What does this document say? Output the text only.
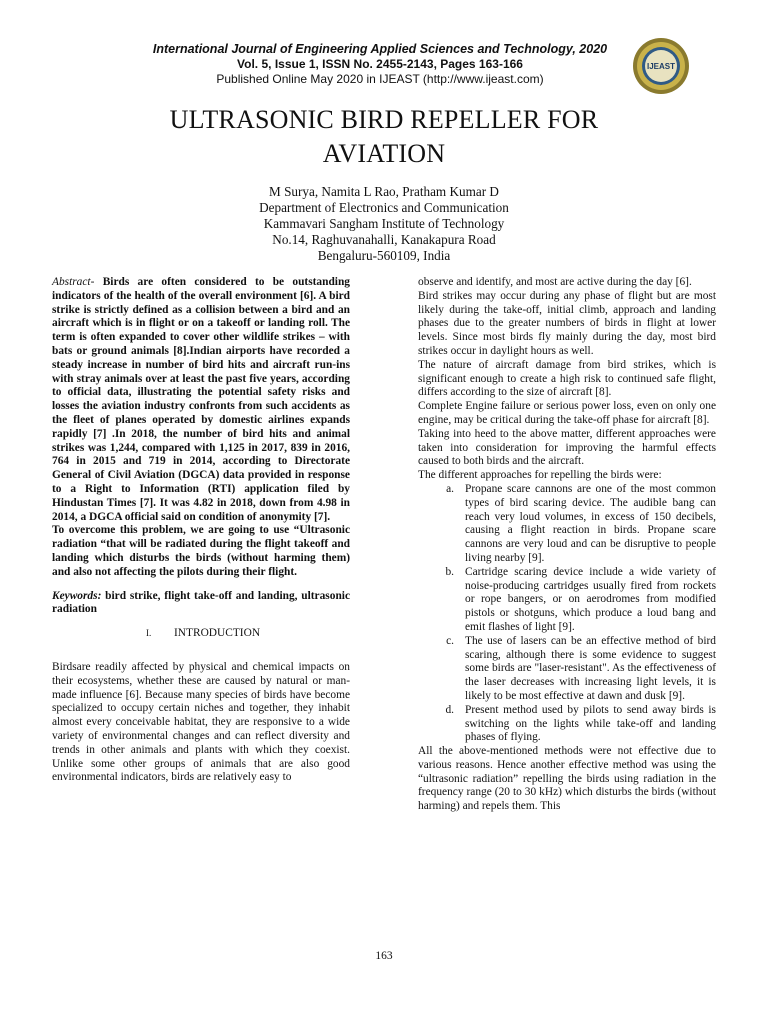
International Journal of Engineering Applied Sciences and Technology, 2020
Vol. 5, Issue 1, ISSN No. 2455-2143, Pages 163-166
Published Online May 2020 in IJEAST (http://www.ijeast.com)
IJEAST
ULTRASONIC BIRD REPELLER FOR
AVIATION
M Surya, Namita L Rao, Pratham Kumar D
Department of Electronics and Communication
Kammavari Sangham Institute of Technology
No.14, Raghuvanahalli, Kanakapura Road
Bengaluru-560109, India

Abstract- Birds are often considered to be outstanding indicators of the health of the overall environment [6]. A bird strike is strictly defined as a collision between a bird and an aircraft which is in flight or on a takeoff or landing roll. The term is often expanded to cover other wildlife strikes – with bats or ground animals [8].Indian airports have recorded a steady increase in number of bird hits and aircraft run-ins with stray animals over at least the past five years, according to official data, illustrating the potential safety risks and losses the aviation industry confronts from such accidents as the fleet of planes operated by domestic airlines expands rapidly [7] .In 2018, the number of bird hits and animal strikes was 1,244, compared with 1,125 in 2017, 839 in 2016, 764 in 2015 and 719 in 2014, according to Directorate General of Civil Aviation (DGCA) data provided in response to a Right to Information (RTI) application filed by Hindustan Times [7]. It was 4.82 in 2018, down from 4.98 in 2014, a DGCA official said on condition of anonymity [7].

To overcome this problem, we are going to use “Ultrasonic radiation “that will be radiated during the flight takeoff and landing which disturbs the birds (without harming them) and also not affecting the pilots during their flight.

Keywords: bird strike, flight take-off and landing, ultrasonic radiation

I. INTRODUCTION

Birdsare readily affected by physical and chemical impacts on their ecosystems, whether these are caused by natural or man-made influence [6]. Because many species of birds have become specialized to occupy certain niches and together, they inhabit almost every conceivable habitat, they are responsive to a wide variety of environmental changes and can reflect diversity and trends in other animals and plants with which they coexist. Unlike some other groups of animals that are also good environmental indicators, birds are relatively easy to

observe and identify, and most are active during the day [6].

Bird strikes may occur during any phase of flight but are most likely during the take-off, initial climb, approach and landing phases due to the greater numbers of birds in flight at lower levels. Since most birds fly mainly during the day, most bird strikes occur in daylight hours as well.

The nature of aircraft damage from bird strikes, which is significant enough to create a high risk to continued safe flight, differs according to the size of aircraft [8].

Complete Engine failure or serious power loss, even on only one engine, may be critical during the take-off phase for aircraft [8].

Taking into heed to the above matter, different approaches were taken into consideration for improving the harmful effects caused to both birds and the aircraft.

The different approaches for repelling the birds were:

a. Propane scare cannons are one of the most common types of bird scaring device. The audible bang can reach very loud volumes, in excess of 150 decibels, causing a flight reaction in birds. Propane scare cannons are very loud and can be disruptive to people living nearby [9].
b. Cartridge scaring device include a wide variety of noise-producing cartridges usually fired from rockets or rope bangers, or on aerodromes from modified pistols or shotguns, which produce a loud bang and emit flashes of light [9].
c. The use of lasers can be an effective method of bird scaring, although there is some evidence to suggest some birds are "laser-resistant". As the effectiveness of the laser decreases with increasing light levels, it is likely to be most effective at dawn and dusk [9].
d. Present method used by pilots to send away birds is switching on the lights while take-off and landing phases of flying.

All the above-mentioned methods were not effective due to various reasons. Hence another effective method was using the “ultrasonic radiation” repelling the birds using radiation in the frequency range (20 to 30 kHz) which disturbs the birds (without harming) and repels them. This

163
